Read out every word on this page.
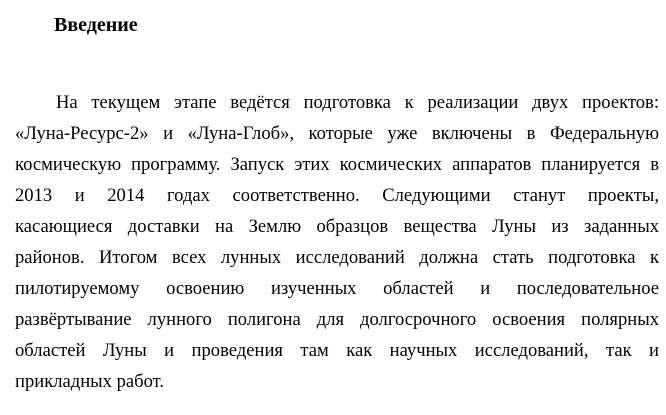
Введение
На текущем этапе ведётся подготовка к реализации двух проектов:
«Луна-Ресурс-2» и «Луна-Глоб», которые уже включены в Федеральную
космическую программу. Запуск этих космических аппаратов планируется в
2013 и 2014 годах соответственно. Следующими станут проекты,
касающиеся доставки на Землю образцов вещества Луны из заданных
районов. Итогом всех лунных исследований должна стать подготовка к
пилотируемому освоению изученных областей и последовательное
развёртывание лунного полигона для долгосрочного освоения полярных
областей Луны и проведения там как научных исследований, так и
прикладных работ.
